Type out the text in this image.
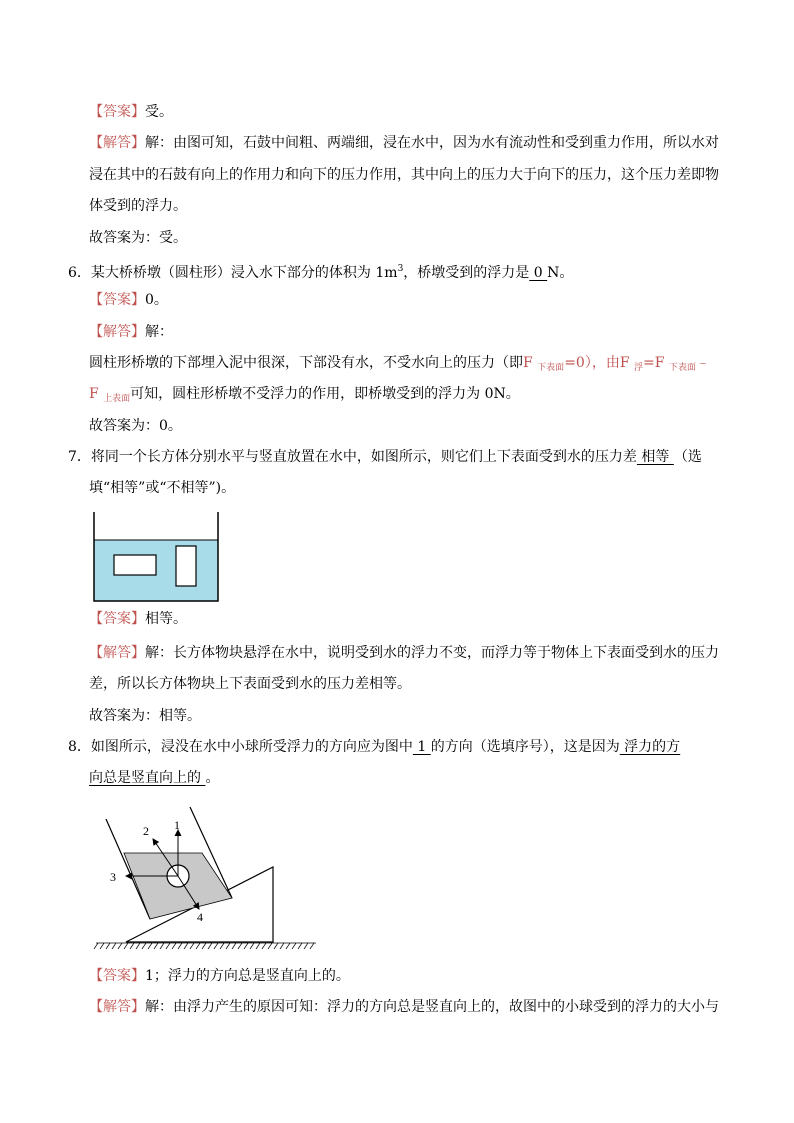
【答案】受。
【解答】解：由图可知，石鼓中间粗、两端细，浸在水中，因为水有流动性和受到重力作用，所以水对
浸在其中的石鼓有向上的作用力和向下的压力作用，其中向上的压力大于向下的压力，这个压力差即物
体受到的浮力。
故答案为：受。
6．某大桥桥墩（圆柱形）浸入水下部分的体积为 $1m^3$，桥墩受到的浮力是 0 N。
【答案】0。
【解答】解：
圆柱形桥墩的下部埋入泥中很深，下部没有水，不受水向上的压力（即F $_{下表面}$=0），由F $_浮$=F $_{下表面}$﹣
F $_{上表面}$可知，圆柱形桥墩不受浮力的作用，即桥墩受到的浮力为 0N。
故答案为：0。
7．将同一个长方体分别水平与竖直放置在水中，如图所示，则它们上下表面受到水的压力差 相等 （选
填“相等”或“不相等”)。
【答案】相等。
【解答】解：长方体物块悬浮在水中，说明受到水的浮力不变，而浮力等于物体上下表面受到水的压力
差，所以长方体物块上下表面受到水的压力差相等。
故答案为：相等。
8．如图所示，浸没在水中小球所受浮力的方向应为图中 1 的方向（选填序号），这是因为 浮力的方
向总是竖直向上的 。
1
2
3
4
【答案】1；浮力的方向总是竖直向上的。
【解答】解：由浮力产生的原因可知：浮力的方向总是竖直向上的，故图中的小球受到的浮力的大小与
